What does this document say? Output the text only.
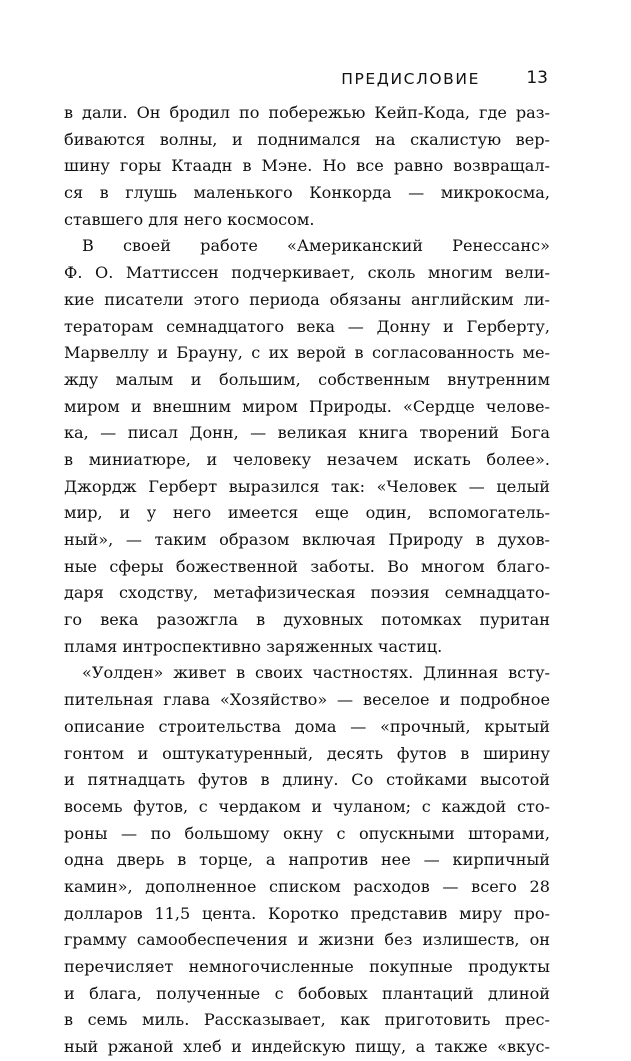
ПРЕДИСЛОВИЕ	13
в дали. Он бродил по побережью Кейп-Кода, где раз-
биваются волны, и поднимался на скалистую вер-
шину горы Ктаадн в Мэне. Но все равно возвращал-
ся в глушь маленького Конкорда — микрокосма,
ставшего для него космосом.
В своей работе «Американский Ренессанс»
Ф. О. Маттиссен подчеркивает, сколь многим вели-
кие писатели этого периода обязаны английским ли-
тераторам семнадцатого века — Донну и Герберту,
Марвеллу и Брауну, с их верой в согласованность ме-
жду малым и большим, собственным внутренним
миром и внешним миром Природы. «Сердце челове-
ка, — писал Донн, — великая книга творений Бога
в миниатюре, и человеку незачем искать более».
Джордж Герберт выразился так: «Человек — целый
мир, и у него имеется еще один, вспомогатель-
ный», — таким образом включая Природу в духов-
ные сферы божественной заботы. Во многом благо-
даря сходству, метафизическая поэзия семнадцато-
го века разожгла в духовных потомках пуритан
пламя интроспективно заряженных частиц.
«Уолден» живет в своих частностях. Длинная всту-
пительная глава «Хозяйство» — веселое и подробное
описание строительства дома — «прочный, крытый
гонтом и оштукатуренный, десять футов в ширину
и пятнадцать футов в длину. Со стойками высотой
восемь футов, с чердаком и чуланом; с каждой сто-
роны — по большому окну с опускными шторами,
одна дверь в торце, а напротив нее — кирпичный
камин», дополненное списком расходов — всего 28
долларов 11,5 цента. Коротко представив миру про-
грамму самообеспечения и жизни без излишеств, он
перечисляет немногочисленные покупные продукты
и блага, полученные с бобовых плантаций длиной
в семь миль. Рассказывает, как приготовить прес-
ный ржаной хлеб и индейскую пищу, а также «вкус-
